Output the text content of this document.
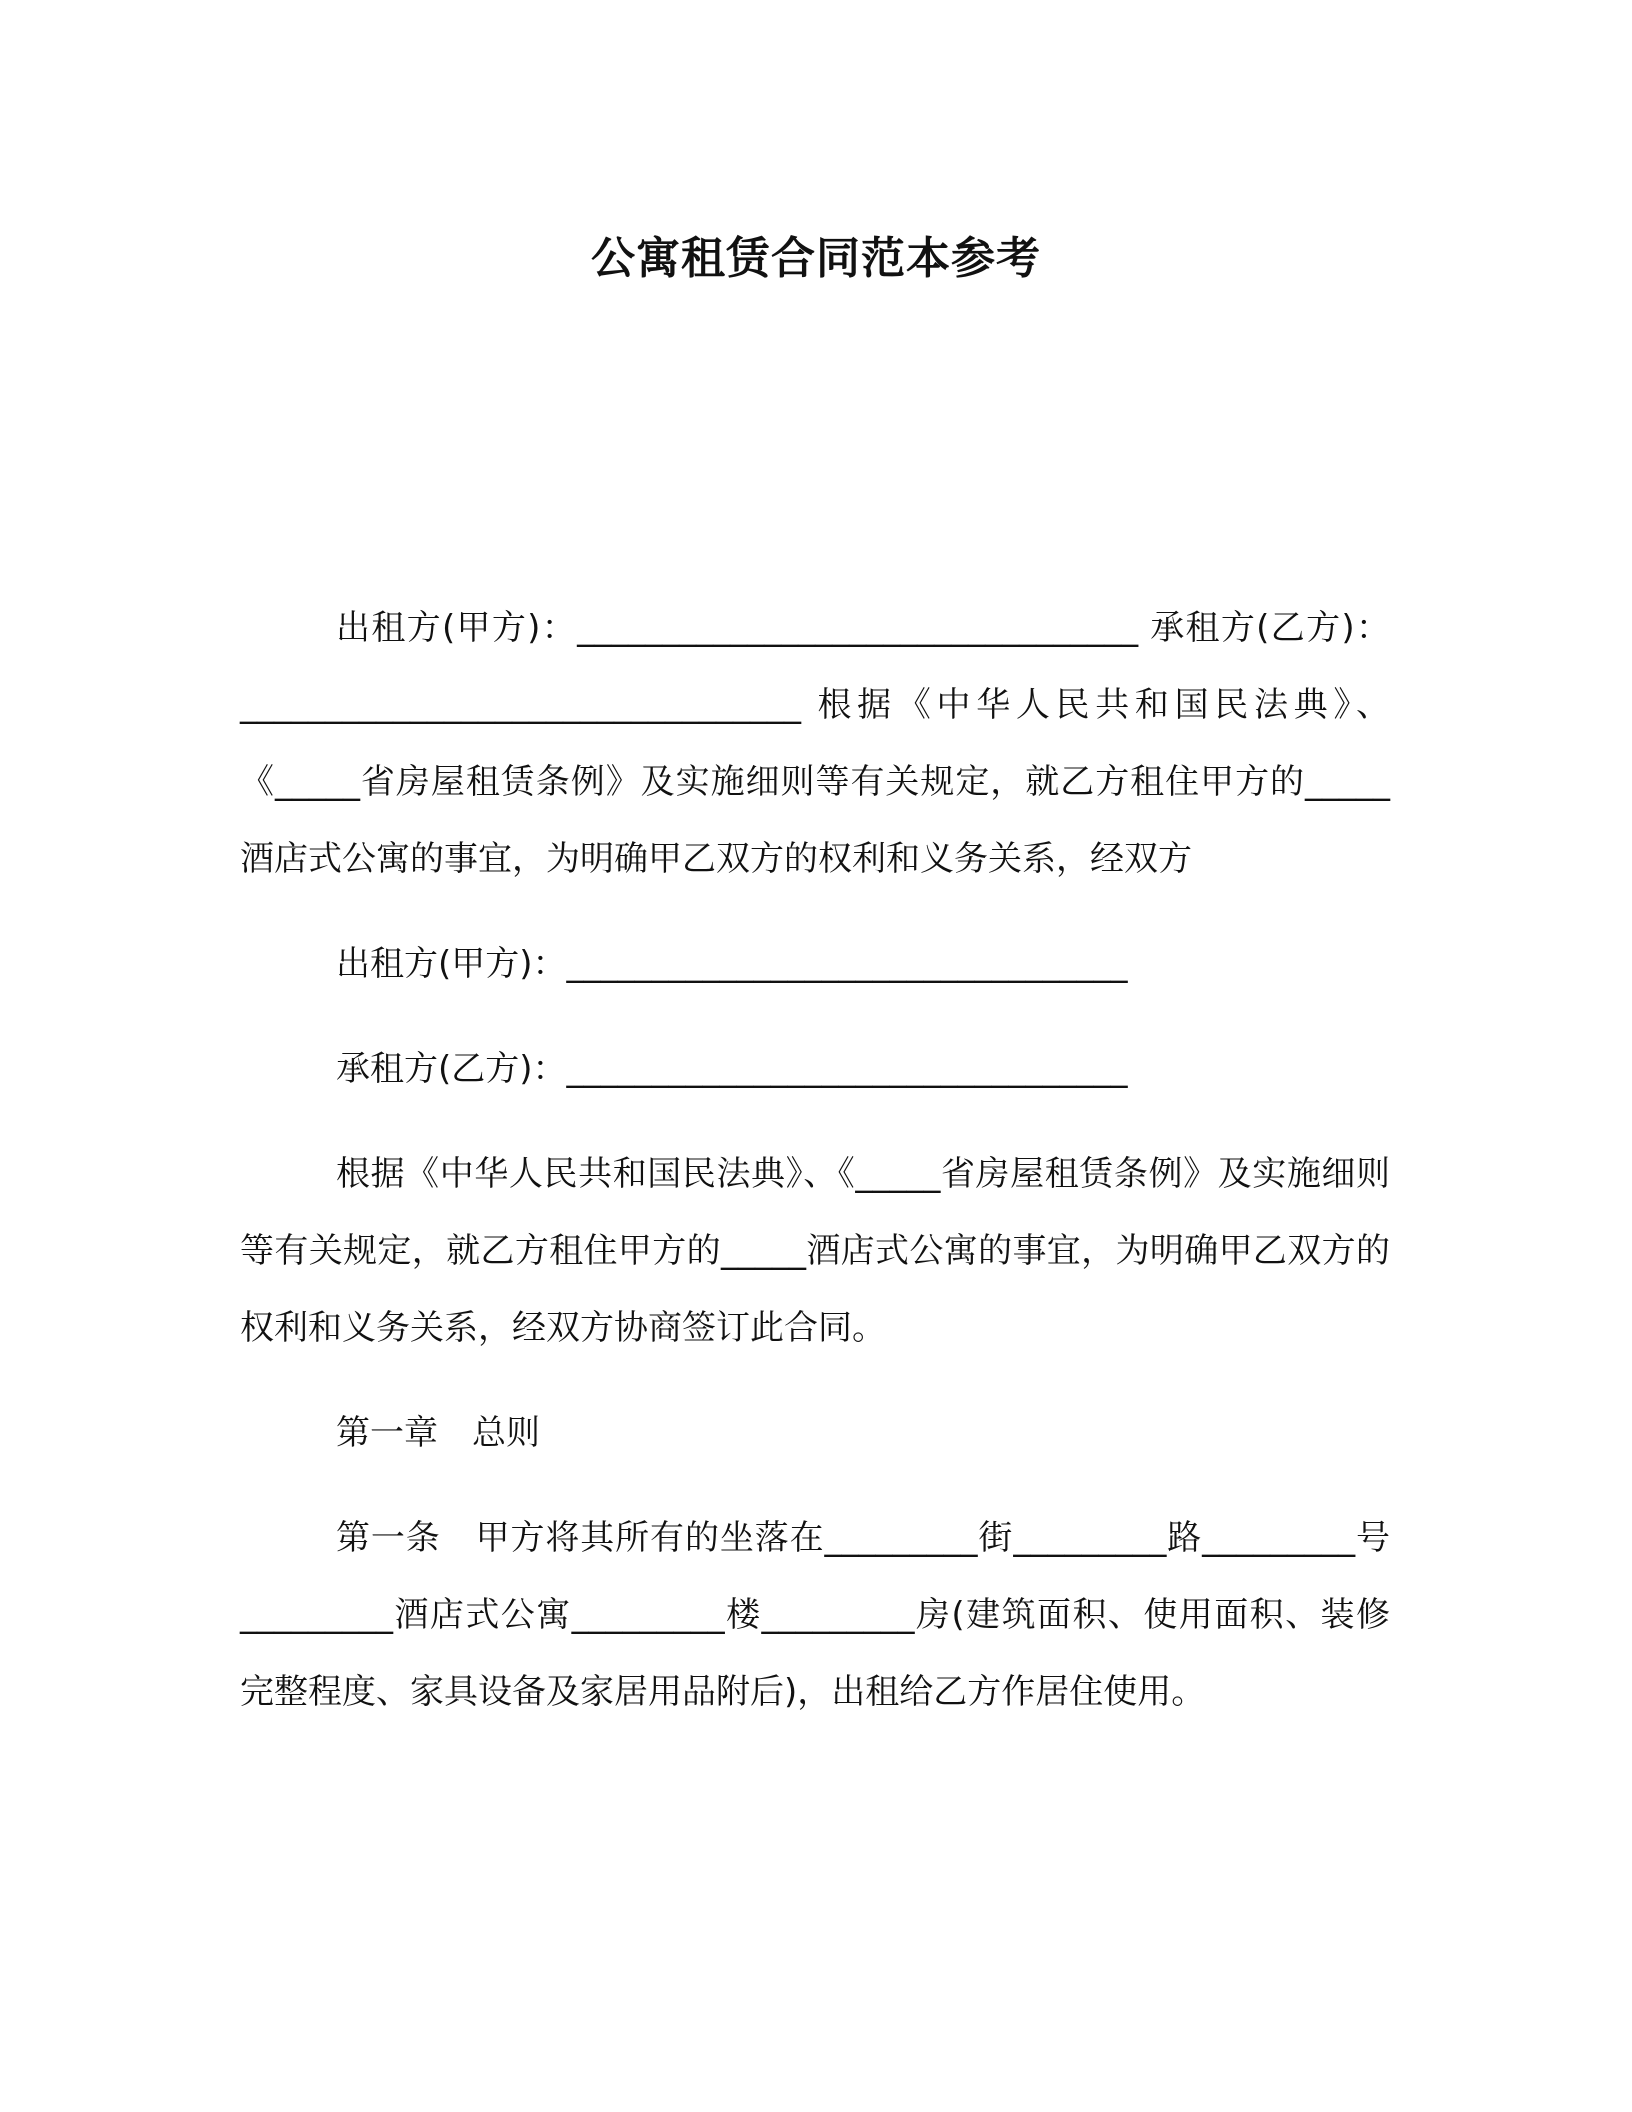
公寓租赁合同范本参考

出租方(甲方)：_________________________________ 承租方(乙方)：_________________________________ 根据《中华人民共和国民法典》、《_____省房屋租赁条例》及实施细则等有关规定，就乙方租住甲方的_____酒店式公寓的事宜，为明确甲乙双方的权利和义务关系，经双方

出租方(甲方)：_________________________________

承租方(乙方)：_________________________________

根据《中华人民共和国民法典》、《_____省房屋租赁条例》及实施细则等有关规定，就乙方租住甲方的_____酒店式公寓的事宜，为明确甲乙双方的权利和义务关系，经双方协商签订此合同。

第一章　总则

第一条　甲方将其所有的坐落在_________街_________路_________号_________酒店式公寓_________楼_________房(建筑面积、使用面积、装修完整程度、家具设备及家居用品附后)，出租给乙方作居住使用。
